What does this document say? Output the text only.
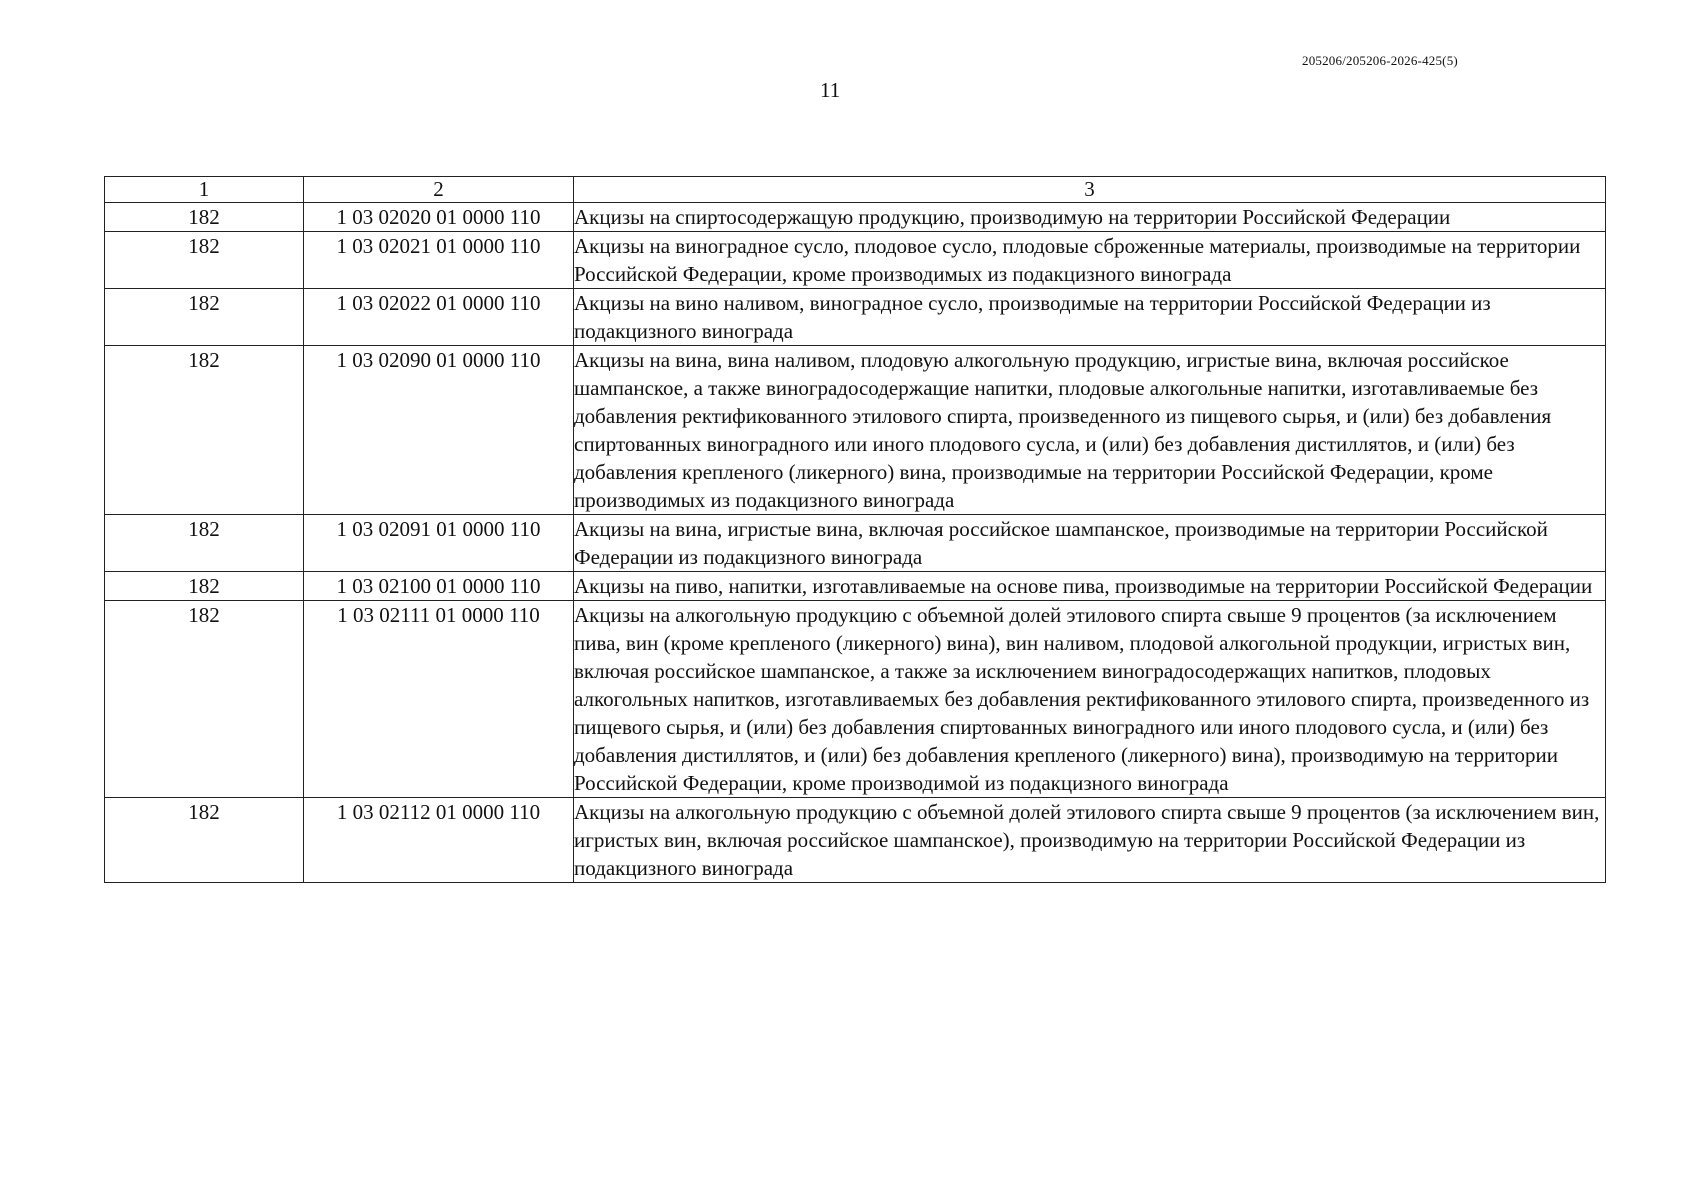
205206/205206-2026-425(5)
11
1	2	3
182	1 03 02020 01 0000 110	Акцизы на спиртосодержащую продукцию, производимую на территории Российской Федерации
182	1 03 02021 01 0000 110	Акцизы на виноградное сусло, плодовое сусло, плодовые сброженные материалы, производимые на территории Российской Федерации, кроме производимых из подакцизного винограда
182	1 03 02022 01 0000 110	Акцизы на вино наливом, виноградное сусло, производимые на территории Российской Федерации из подакцизного винограда
182	1 03 02090 01 0000 110	Акцизы на вина, вина наливом, плодовую алкогольную продукцию, игристые вина, включая российское шампанское, а также виноградосодержащие напитки, плодовые алкогольные напитки, изготавливаемые без добавления ректификованного этилового спирта, произведенного из пищевого сырья, и (или) без добавления спиртованных виноградного или иного плодового сусла, и (или) без добавления дистиллятов, и (или) без добавления крепленого (ликерного) вина, производимые на территории Российской Федерации, кроме производимых из подакцизного винограда
182	1 03 02091 01 0000 110	Акцизы на вина, игристые вина, включая российское шампанское, производимые на территории Российской Федерации из подакцизного винограда
182	1 03 02100 01 0000 110	Акцизы на пиво, напитки, изготавливаемые на основе пива, производимые на территории Российской Федерации
182	1 03 02111 01 0000 110	Акцизы на алкогольную продукцию с объемной долей этилового спирта свыше 9 процентов (за исключением пива, вин (кроме крепленого (ликерного) вина), вин наливом, плодовой алкогольной продукции, игристых вин, включая российское шампанское, а также за исключением виноградосодержащих напитков, плодовых алкогольных напитков, изготавливаемых без добавления ректификованного этилового спирта, произведенного из пищевого сырья, и (или) без добавления спиртованных виноградного или иного плодового сусла, и (или) без добавления дистиллятов, и (или) без добавления крепленого (ликерного) вина), производимую на территории Российской Федерации, кроме производимой из подакцизного винограда
182	1 03 02112 01 0000 110	Акцизы на алкогольную продукцию с объемной долей этилового спирта свыше 9 процентов (за исключением вин, игристых вин, включая российское шампанское), производимую на территории Российской Федерации из подакцизного винограда
